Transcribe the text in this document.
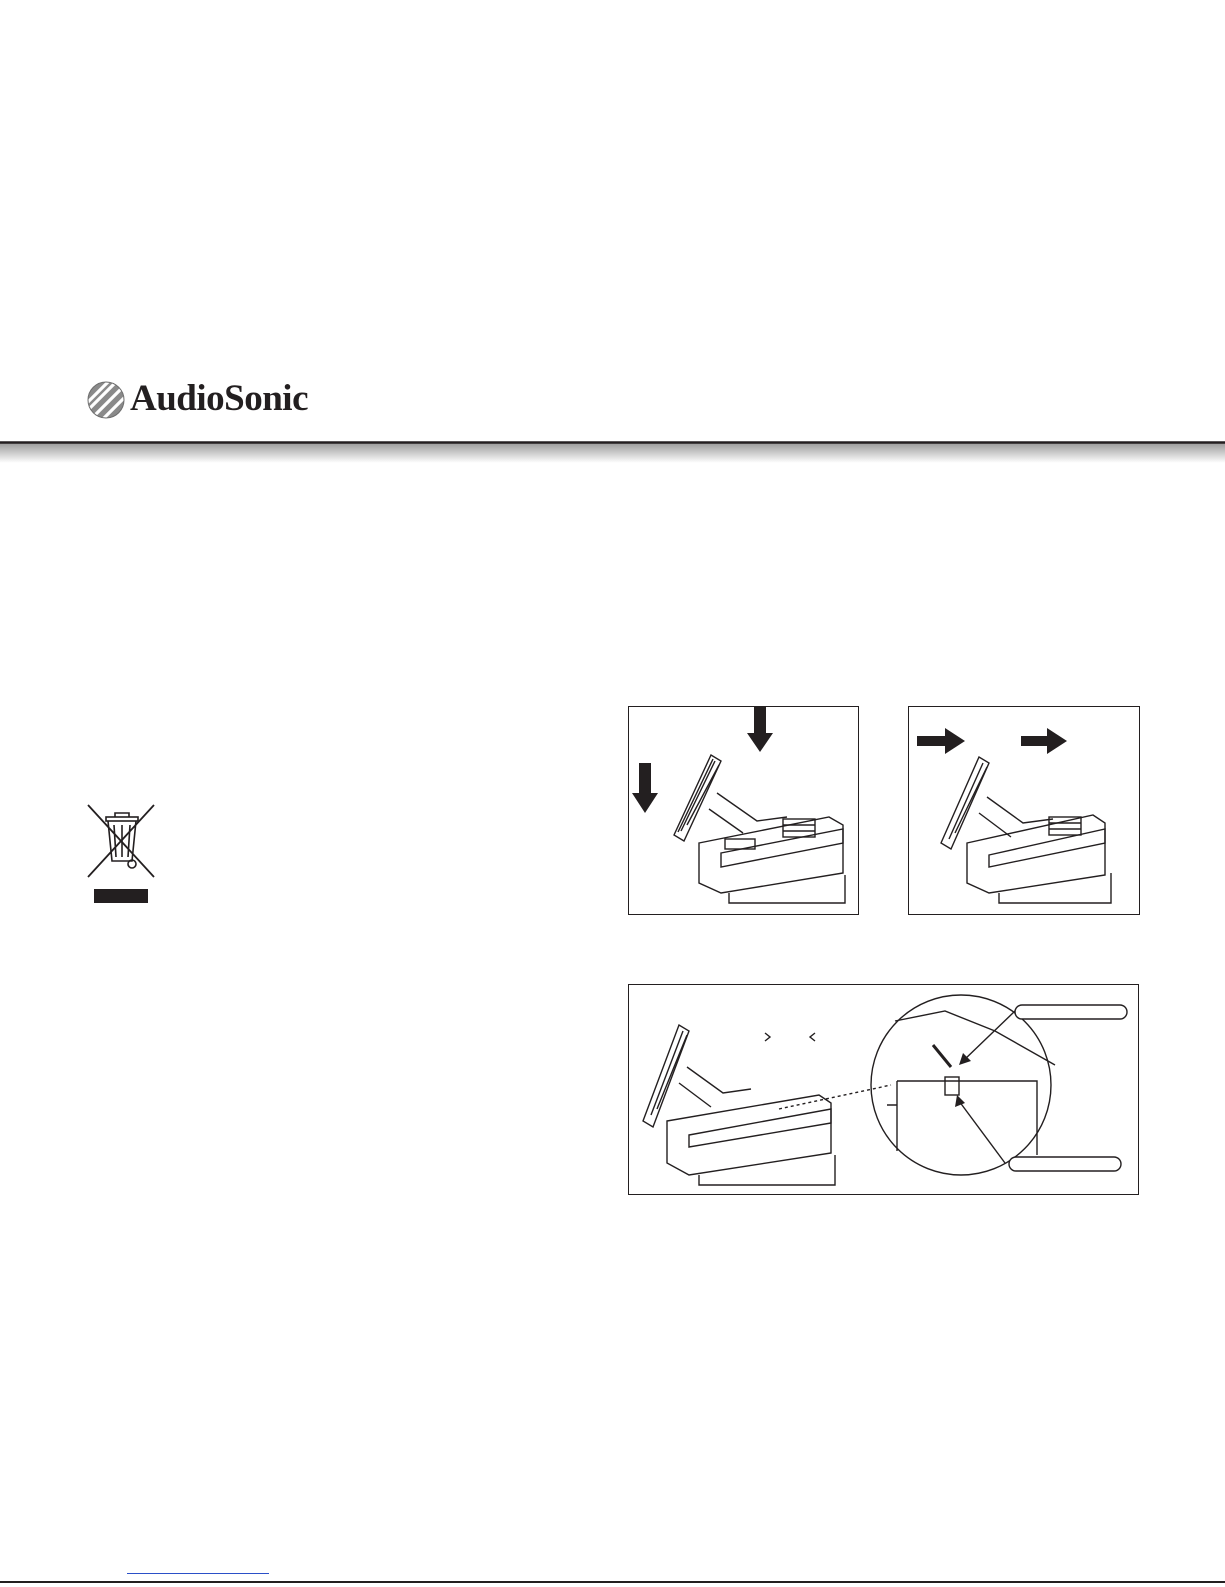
AudioSonic
